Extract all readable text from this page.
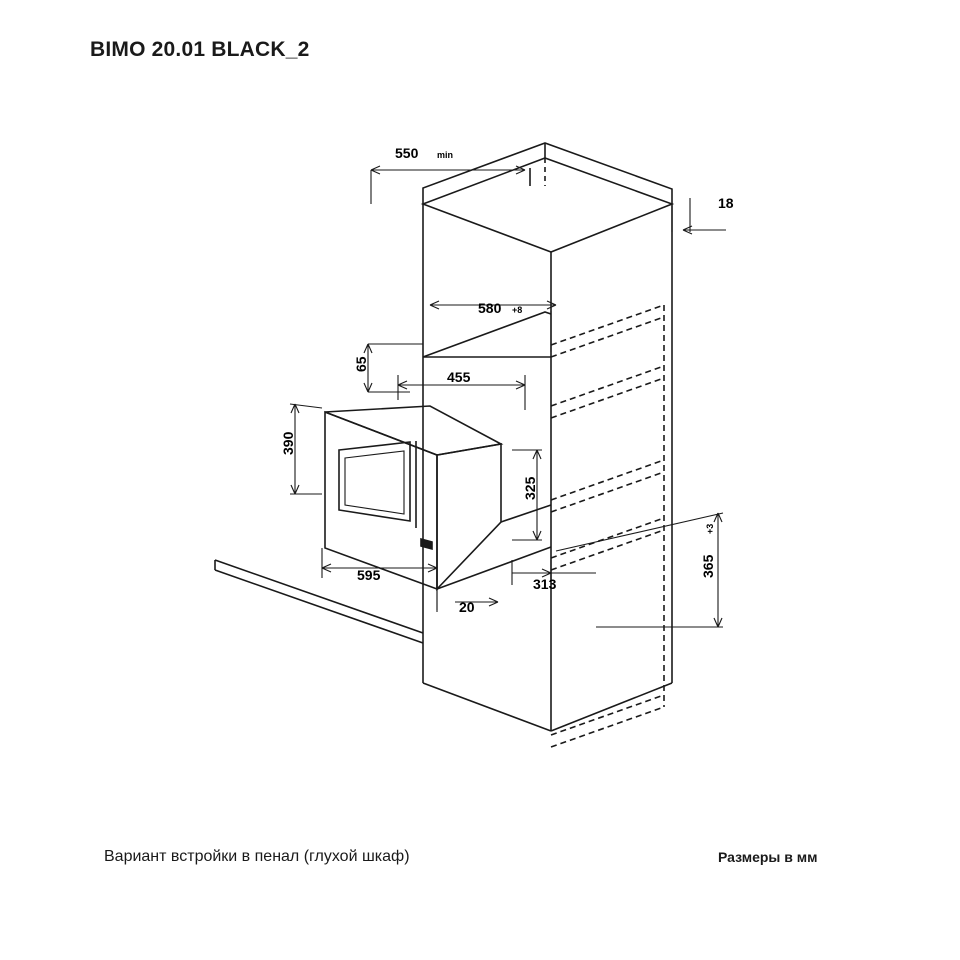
BIMO 20.01 BLACK_2
550 min
18
580 +8
65
455
390
595
325
20
313
365
+3
Вариант встройки в пенал (глухой шкаф)	Размеры в мм
